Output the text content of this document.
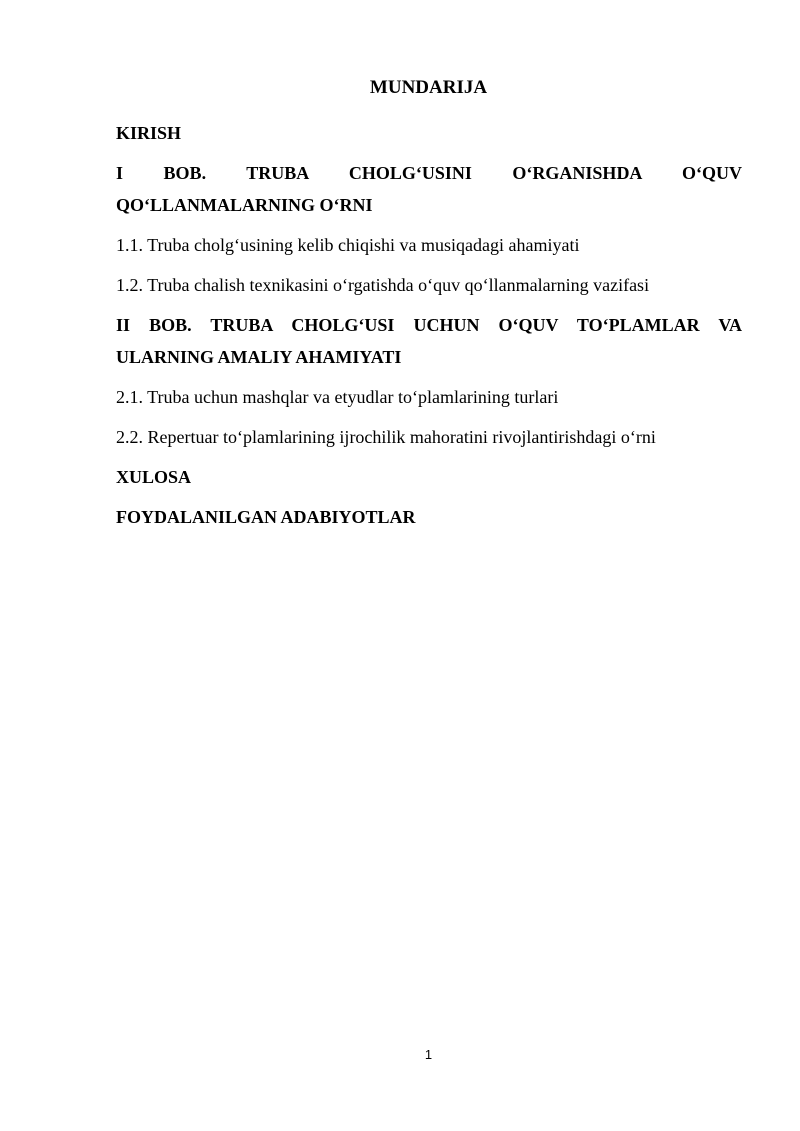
MUNDARIJA
KIRISH
I BOB. TRUBA CHOLG‘USINI O‘RGANISHDA O‘QUV
QO‘LLANMALARNING O‘RNI
1.1. Truba cholg‘usining kelib chiqishi va musiqadagi ahamiyati
1.2. Truba chalish texnikasini o‘rgatishda o‘quv qo‘llanmalarning vazifasi
II BOB. TRUBA CHOLG‘USI UCHUN O‘QUV TO‘PLAMLAR VA
ULARNING AMALIY AHAMIYATI
2.1. Truba uchun mashqlar va etyudlar to‘plamlarining turlari
2.2. Repertuar to‘plamlarining ijrochilik mahoratini rivojlantirishdagi o‘rni
XULOSA
FOYDALANILGAN ADABIYOTLAR
1
